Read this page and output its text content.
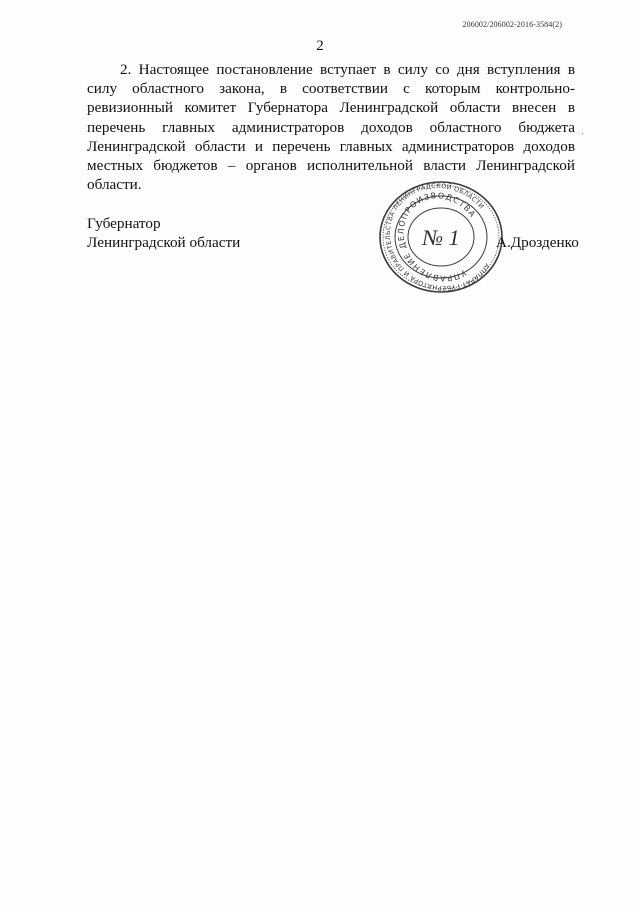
206002/206002-2016-3584(2)
2

2. Настоящее постановление вступает в силу со дня вступления в силу областного закона, в соответствии с которым контрольно-ревизионный комитет Губернатора Ленинградской области внесен в перечень главных администраторов доходов областного бюджета Ленинградской области и перечень главных администраторов доходов местных бюджетов – органов исполнительной власти Ленинградской области.

Губернатор
Ленинградской области
АППАРАТ ГУБЕРНАТОРА И ПРАВИТЕЛЬСТВА ЛЕНИНГРАДСКОЙ ОБЛАСТИ
УПРАВЛЕНИЕ ДЕЛОПРОИЗВОДСТВА
№ 1 А.Дрозденко
